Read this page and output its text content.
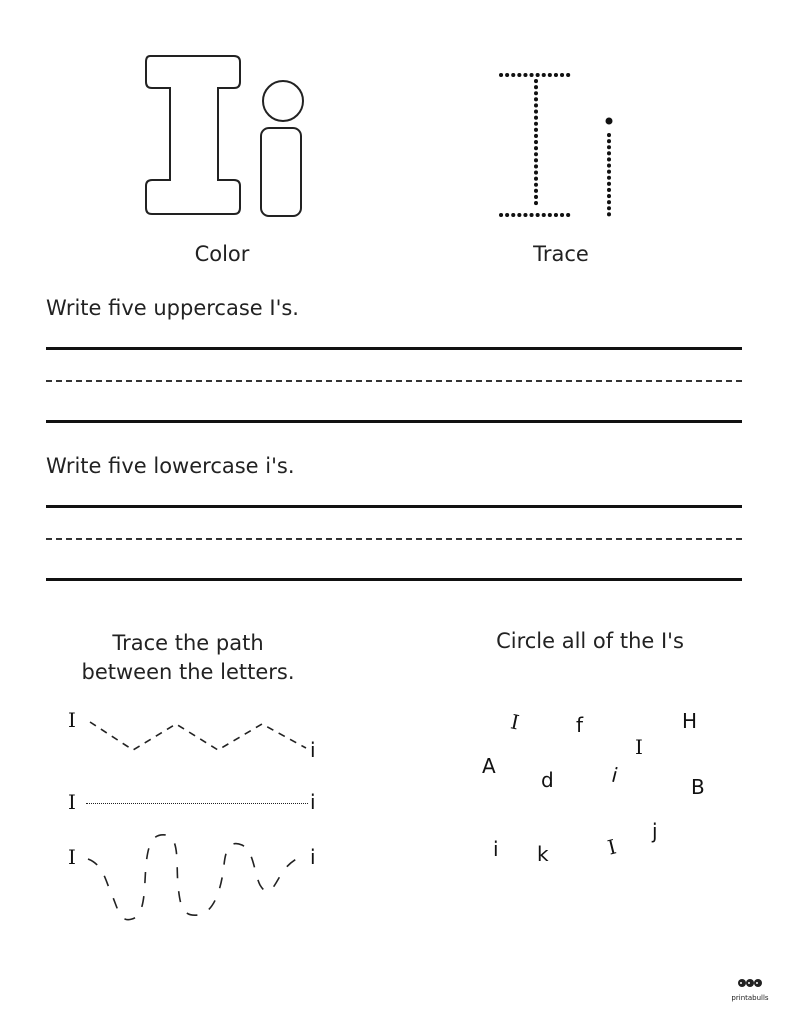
Color	Trace
Write five uppercase I's.
Write five lowercase i's.
Trace the path
between the letters.
I
i
I	i
I	i
Circle all of the I's
I	f	H
I
A
d	i	B
j
i k	I
printabulls
